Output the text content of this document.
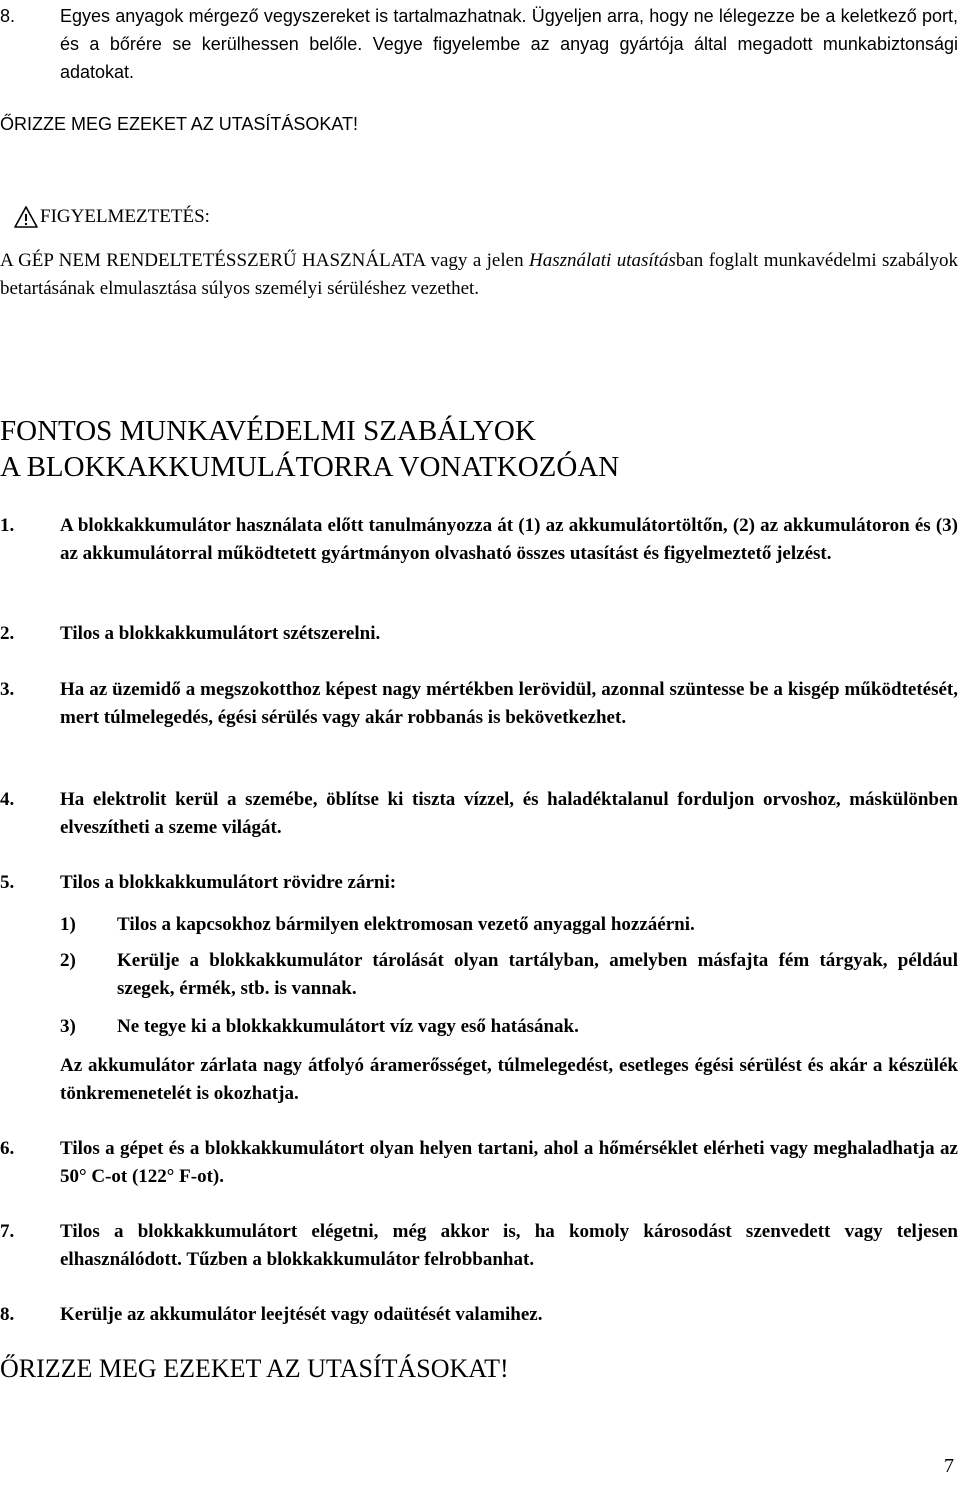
8.	Egyes anyagok mérgező vegyszereket is tartalmazhatnak. Ügyeljen arra, hogy ne lélegezze be a keletkező port, és a bőrére se kerülhessen belőle. Vegye figyelembe az anyag gyártója által megadott munkabiztonsági adatokat.
ŐRIZZE MEG EZEKET AZ UTASÍTÁSOKAT!
FIGYELMEZTETÉS:
A GÉP NEM RENDELTETÉSSZERŰ HASZNÁLATA vagy a jelen Használati utasításban foglalt munkavédelmi szabályok betartásának elmulasztása súlyos személyi sérüléshez vezethet.
FONTOS MUNKAVÉDELMI SZABÁLYOK
A BLOKKAKKUMULÁTORRA VONATKOZÓAN
1.	A blokkakkumulátor használata előtt tanulmányozza át (1) az akkumulátortöltőn, (2) az akkumulátoron és (3) az akkumulátorral működtetett gyártmányon olvasható összes utasítást és figyelmeztető jelzést.
2.	Tilos a blokkakkumulátort szétszerelni.
3.	Ha az üzemidő a megszokotthoz képest nagy mértékben lerövidül, azonnal szüntesse be a kisgép működtetését, mert túlmelegedés, égési sérülés vagy akár robbanás is bekövetkezhet.
4.	Ha elektrolit kerül a szemébe, öblítse ki tiszta vízzel, és haladéktalanul forduljon orvoshoz, máskülönben elveszítheti a szeme világát.
5.	Tilos a blokkakkumulátort rövidre zárni:
1)	Tilos a kapcsokhoz bármilyen elektromosan vezető anyaggal hozzáérni.
2)	Kerülje a blokkakkumulátor tárolását olyan tartályban, amelyben másfajta fém tárgyak, például szegek, érmék, stb. is vannak.
3)	Ne tegye ki a blokkakkumulátort víz vagy eső hatásának.
Az akkumulátor zárlata nagy átfolyó áramerősséget, túlmelegedést, esetleges égési sérülést és akár a készülék tönkremenetelét is okozhatja.
6.	Tilos a gépet és a blokkakkumulátort olyan helyen tartani, ahol a hőmérséklet elérheti vagy meghaladhatja az 50° C-ot (122° F-ot).
7.	Tilos a blokkakkumulátort elégetni, még akkor is, ha komoly károsodást szenvedett vagy teljesen elhasználódott. Tűzben a blokkakkumulátor felrobbanhat.
8.	Kerülje az akkumulátor leejtését vagy odaütését valamihez.
ŐRIZZE MEG EZEKET AZ UTASÍTÁSOKAT!
7
